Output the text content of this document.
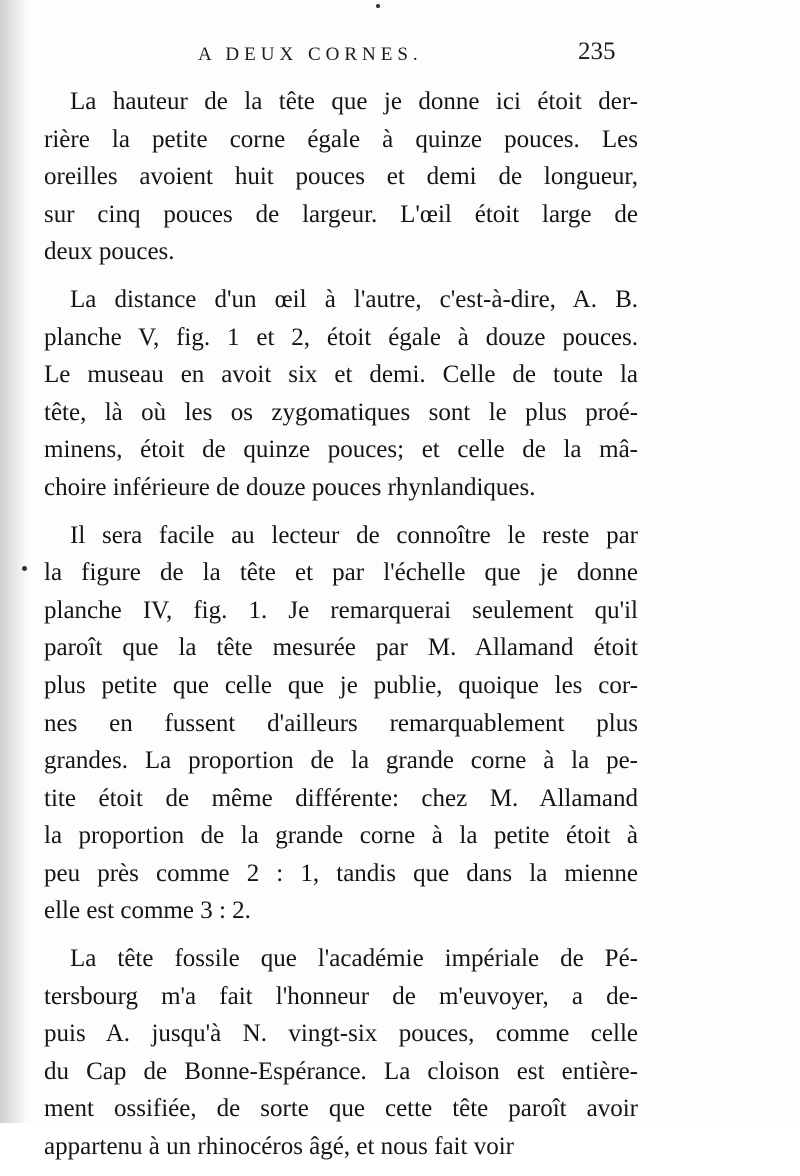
A DEUX CORNES.	235
La hauteur de la tête que je donne ici étoit der-
rière la petite corne égale à quinze pouces. Les
oreilles avoient huit pouces et demi de longueur,
sur cinq pouces de largeur. L'œil étoit large de
deux pouces.
La distance d'un œil à l'autre, c'est-à-dire, A. B.
planche V, fig. 1 et 2, étoit égale à douze pouces.
Le museau en avoit six et demi. Celle de toute la
tête, là où les os zygomatiques sont le plus proé-
minens, étoit de quinze pouces; et celle de la mâ-
choire inférieure de douze pouces rhynlandiques.
Il sera facile au lecteur de connoître le reste par
la figure de la tête et par l'échelle que je donne
planche IV, fig. 1. Je remarquerai seulement qu'il
paroît que la tête mesurée par M. Allamand étoit
plus petite que celle que je publie, quoique les cor-
nes en fussent d'ailleurs remarquablement plus
grandes. La proportion de la grande corne à la pe-
tite étoit de même différente: chez M. Allamand
la proportion de la grande corne à la petite étoit à
peu près comme 2 : 1, tandis que dans la mienne
elle est comme 3 : 2.
La tête fossile que l'académie impériale de Pé-
tersbourg m'a fait l'honneur de m'euvoyer, a de-
puis A. jusqu'à N. vingt-six pouces, comme celle
du Cap de Bonne-Espérance. La cloison est entière-
ment ossifiée, de sorte que cette tête paroît avoir
appartenu à un rhinocéros âgé, et nous fait voir
